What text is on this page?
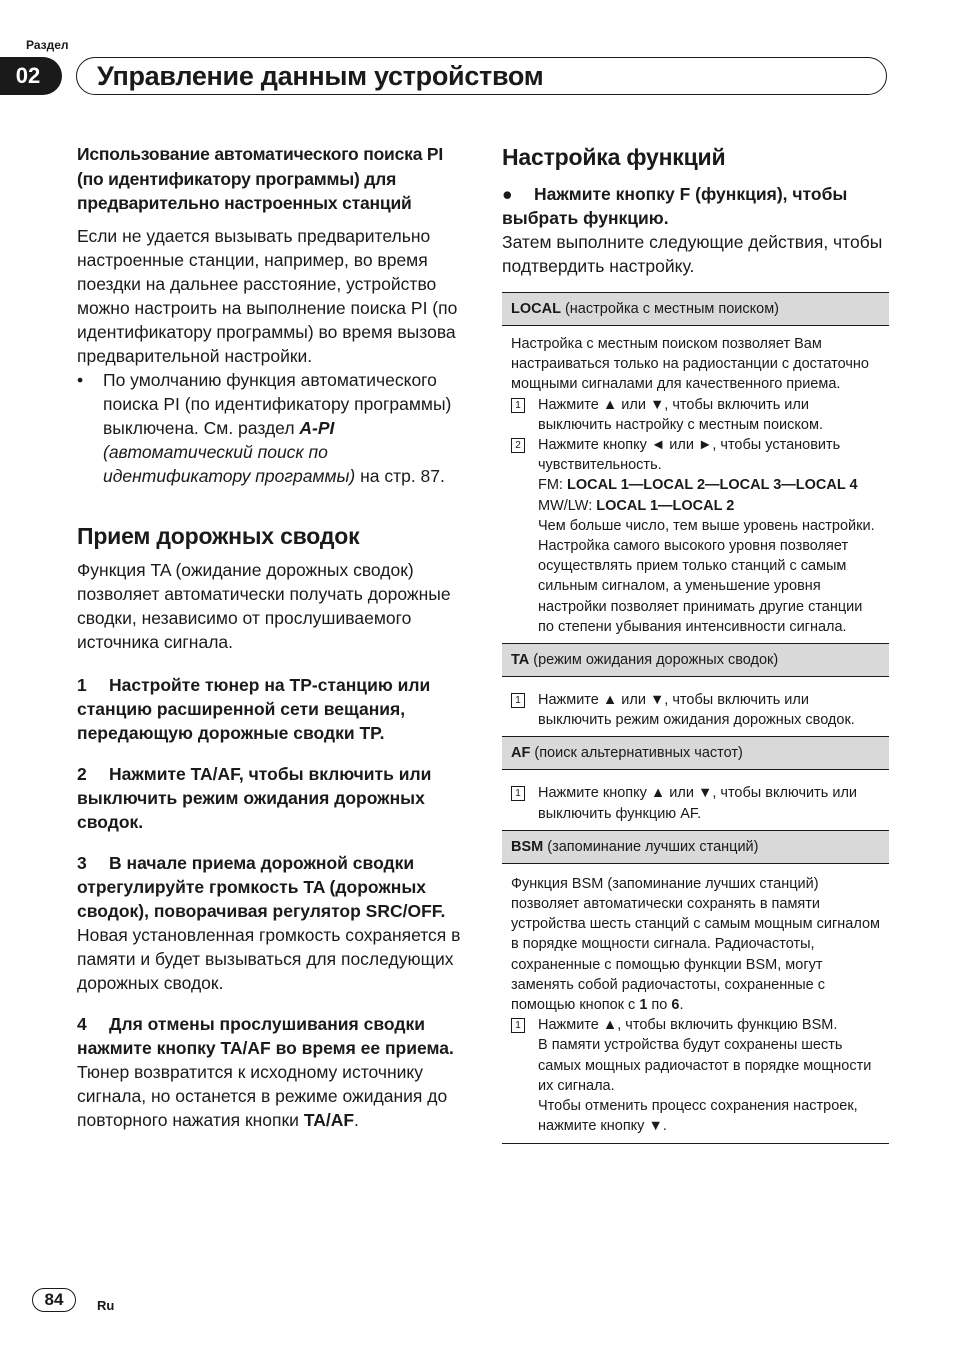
Раздел
02	Управление данным устройством

Использование автоматического поиска PI (по идентификатору программы) для предварительно настроенных станций

Если не удается вызывать предварительно настроенные станции, например, во время поездки на дальнее расстояние, устройство можно настроить на выполнение поиска PI (по идентификатору программы) во время вызова предварительной настройки.

•	По умолчанию функция автоматического поиска PI (по идентификатору программы) выключена. См. раздел A-PI (автоматический поиск по идентификатору программы) на стр. 87.
Прием дорожных сводок

Функция TA (ожидание дорожных сводок) позволяет автоматически получать дорожные сводки, независимо от прослушиваемого источника сигнала.

1 Настройте тюнер на TP-станцию или станцию расширенной сети вещания, передающую дорожные сводки TP.

2 Нажмите TA/AF, чтобы включить или выключить режим ожидания дорожных сводок.

3 В начале приема дорожной сводки отрегулируйте громкость TA (дорожных сводок), поворачивая регулятор SRC/OFF.

Новая установленная громкость сохраняется в памяти и будет вызываться для последующих дорожных сводок.

4 Для отмены прослушивания сводки нажмите кнопку TA/AF во время ее приема.

Тюнер возвратится к исходному источнику сигнала, но останется в режиме ожидания до повторного нажатия кнопки TA/AF.

Настройка функций
●	Нажмите кнопку F (функция), чтобы выбрать функцию.

Затем выполните следующие действия, чтобы подтвердить настройку.

LOCAL (настройка с местным поиском)

Настройка с местным поиском позволяет Вам настраиваться только на радиостанции с достаточно мощными сигналами для качественного приема.

1 Нажмите ▲ или ▼, чтобы включить или выключить настройку с местным поиском.
2 Нажмите кнопку ◄ или ►, чтобы установить чувствительность.
FM: LOCAL 1—LOCAL 2—LOCAL 3—LOCAL 4
MW/LW: LOCAL 1—LOCAL 2
Чем больше число, тем выше уровень настройки. Настройка самого высокого уровня позволяет осуществлять прием только станций с самым сильным сигналом, а уменьшение уровня настройки позволяет принимать другие станции по степени убывания интенсивности сигнала.
TA (режим ожидания дорожных сводок)
1 Нажмите ▲ или ▼, чтобы включить или выключить режим ожидания дорожных сводок.
AF (поиск альтернативных частот)
1 Нажмите кнопку ▲ или ▼, чтобы включить или выключить функцию AF.
BSM (запоминание лучших станций)

Функция BSM (запоминание лучших станций) позволяет автоматически сохранять в памяти устройства шесть станций с самым мощным сигналом в порядке мощности сигнала. Радиочастоты, сохраненные с помощью функции BSM, могут заменять собой радиочастоты, сохраненные с помощью кнопок с 1 по 6.

1 Нажмите ▲, чтобы включить функцию BSM.
В памяти устройства будут сохранены шесть самых мощных радиочастот в порядке мощности их сигнала.
Чтобы отменить процесс сохранения настроек, нажмите кнопку ▼.
84	Ru
